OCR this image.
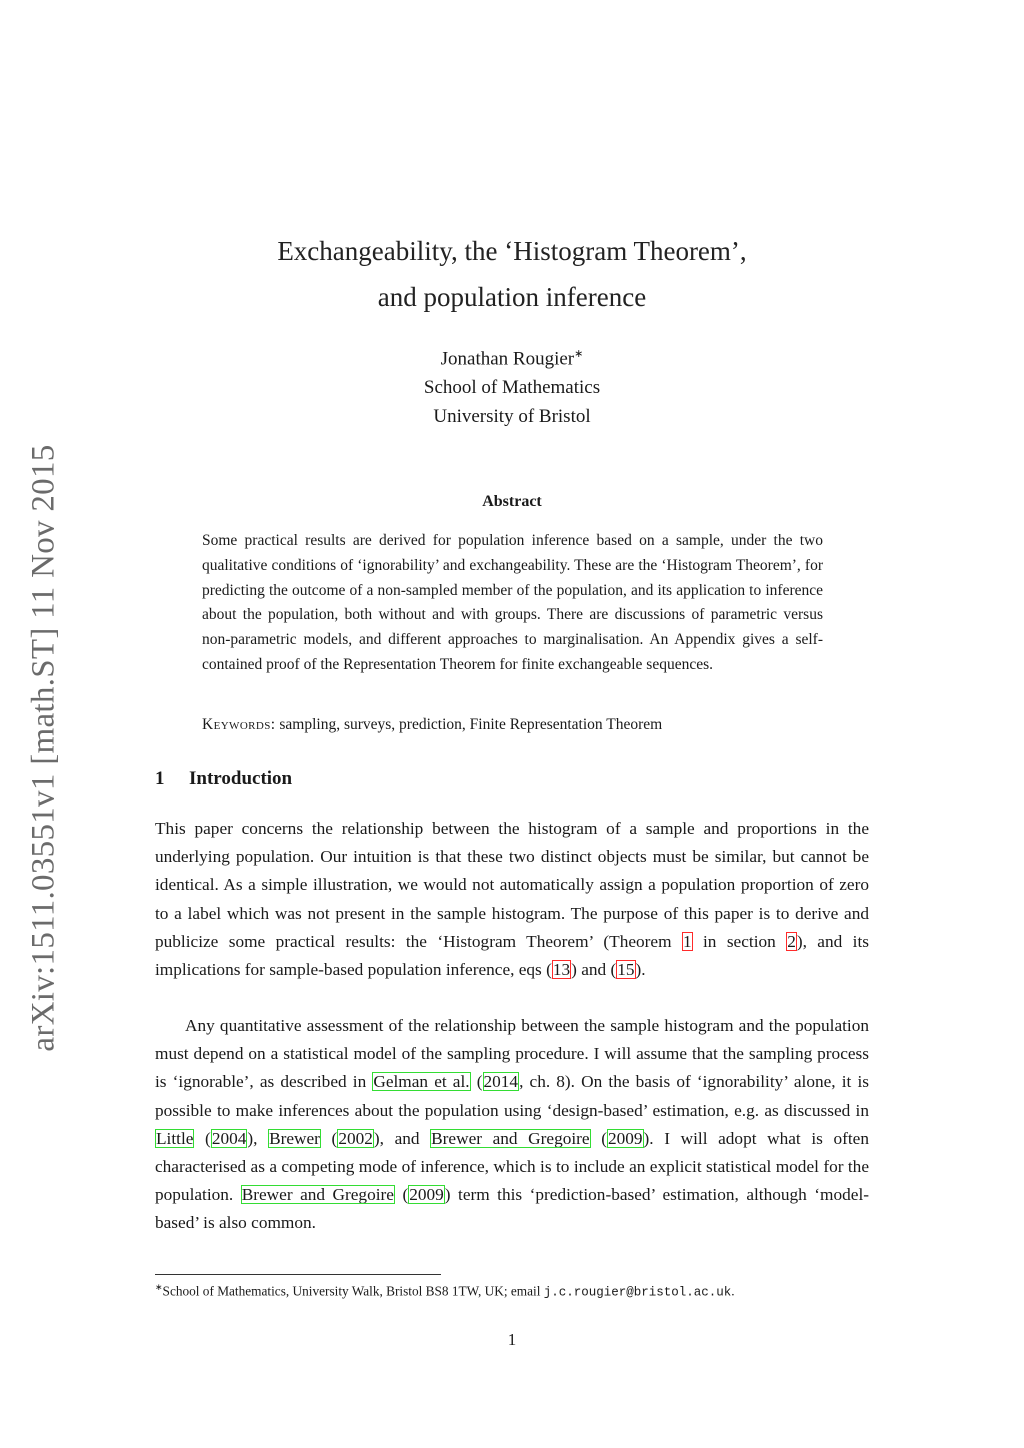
arXiv:1511.03551v1 [math.ST] 11 Nov 2015
Exchangeability, the ‘Histogram Theorem’,
and population inference
Jonathan Rougier∗
School of Mathematics
University of Bristol
Abstract

Some practical results are derived for population inference based on a sample, under the two qualitative conditions of ‘ignorability’ and exchangeability. These are the ‘Histogram Theorem’, for predicting the outcome of a non-sampled member of the population, and its application to inference about the population, both without and with groups. There are discussions of parametric versus non-parametric models, and different approaches to marginalisation. An Appendix gives a self-contained proof of the Representation Theorem for finite exchangeable sequences.

Keywords: sampling, surveys, prediction, Finite Representation Theorem
1 Introduction

This paper concerns the relationship between the histogram of a sample and proportions in the underlying population. Our intuition is that these two distinct objects must be similar, but cannot be identical. As a simple illustration, we would not automatically assign a population proportion of zero to a label which was not present in the sample histogram. The purpose of this paper is to derive and publicize some practical results: the ‘Histogram Theorem’ (Theorem 1 in section 2), and its implications for sample-based population inference, eqs (13) and (15).

Any quantitative assessment of the relationship between the sample histogram and the population must depend on a statistical model of the sampling procedure. I will assume that the sampling process is ‘ignorable’, as described in Gelman et al. (2014, ch. 8). On the basis of ‘ignorability’ alone, it is possible to make inferences about the population using ‘design-based’ estimation, e.g. as discussed in Little (2004), Brewer (2002), and Brewer and Gregoire (2009). I will adopt what is often characterised as a competing mode of inference, which is to include an explicit statistical model for the population. Brewer and Gregoire (2009) term this ‘prediction-based’ estimation, although ‘model-based’ is also common.

∗School of Mathematics, University Walk, Bristol BS8 1TW, UK; email j.c.rougier@bristol.ac.uk.
1
